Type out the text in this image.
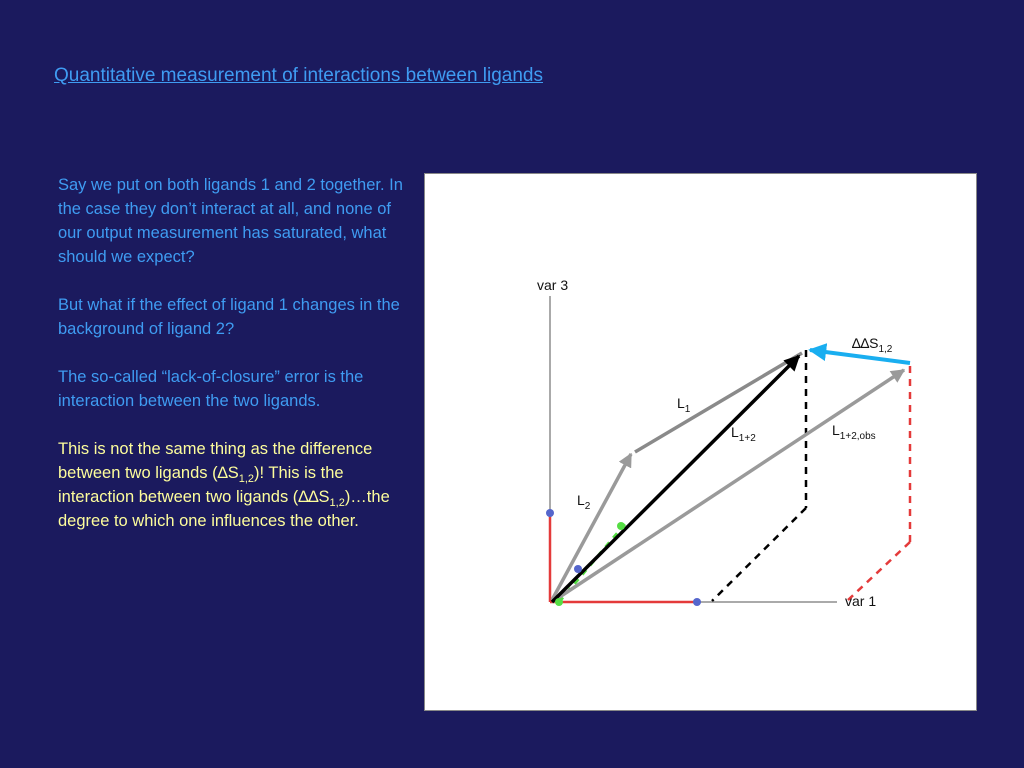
Quantitative measurement of interactions between ligands

Say we put on both ligands 1 and 2 together. In the case they don’t interact at all, and none of our output measurement has saturated, what should we expect?

But what if the effect of ligand 1 changes in the background of ligand 2?

The so-called “lack-of-closure” error is the interaction between the two ligands.

This is not the same thing as the difference between two ligands $(\Delta S_{1,2})$! This is the interaction between two ligands $(\Delta\Delta S_{1,2})\dots the$ degree to which one influences the other.

var 3
var 1
$L_1$
$L_2$
$L_{1+2}$
$L_{1+2,obs}$
$\Delta\Delta S_{1,2}$
